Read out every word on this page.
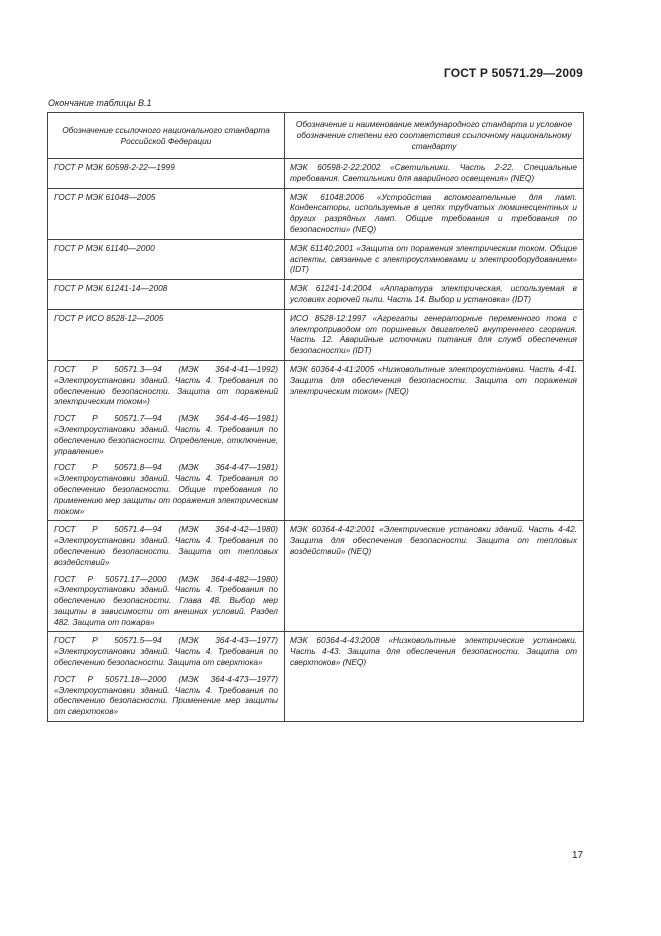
ГОСТ Р 50571.29—2009
Окончание таблицы В.1
Обозначение ссылочного национального стандарта Российской Федерации	Обозначение и наименование международного стандарта и условное обозначение степени его соответствия ссылочному национальному стандарту

ГОСТ Р МЭК 60598-2-22—1999	МЭК 60598-2-22:2002 «Светильники. Часть 2-22. Специальные требования. Светильники для аварийного освещения» (NEQ)

ГОСТ Р МЭК 61048—2005	МЭК 61048:2006 «Устройства вспомогательные для ламп. Конденсаторы, используемые в цепях трубчатых люминесцентных и других разрядных ламп. Общие требования и требования по безопасности» (NEQ)

ГОСТ Р МЭК 61140—2000	МЭК 61140:2001 «Защита от поражения электрическим током. Общие аспекты, связанные с электроустановками и электрооборудованием» (IDT)

ГОСТ Р МЭК 61241-14—2008	МЭК 61241-14:2004 «Аппаратура электрическая, используемая в условиях горючей пыли. Часть 14. Выбор и установка» (IDT)

ГОСТ Р ИСО 8528-12—2005	ИСО 8528-12:1997 «Агрегаты генераторные переменного тока с электроприводом от поршневых двигателей внутреннего сгорания. Часть 12. Аварийные источники питания для служб обеспечения безопасности» (IDT)

ГОСТ Р 50571.3—94 (МЭК 364-4-41—1992) «Электроустановки зданий. Часть 4. Требования по обеспечению безопасности. Защита от поражений электрическим током»)
ГОСТ Р 50571.7—94 (МЭК 364-4-46—1981) «Электроустановки зданий. Часть 4. Требования по обеспечению безопасности. Определение, отключение, управление»
ГОСТ Р 50571.8—94 (МЭК 364-4-47—1981) «Электроустановки зданий. Часть 4. Требования по обеспечению безопасности. Общие требования по применению мер защиты от поражения электрическим током»	МЭК 60364-4-41:2005 «Низковольтные электроустановки. Часть 4-41. Защита для обеспечения безопасности. Защита от поражения электрическим током» (NEQ)

ГОСТ Р 50571.4—94 (МЭК 364-4-42—1980) «Электроустановки зданий. Часть 4. Требования по обеспечению безопасности. Защита от тепловых воздействий»
ГОСТ Р 50571.17—2000 (МЭК 364-4-482—1980) «Электроустановки зданий. Часть 4. Требования по обеспечению безопасности. Глава 48. Выбор мер защиты в зависимости от внешних условий. Раздел 482. Защита от пожара»	МЭК 60364-4-42:2001 «Электрические установки зданий. Часть 4-42. Защита для обеспечения безопасности. Защита от тепловых воздействий» (NEQ)

ГОСТ Р 50571.5—94 (МЭК 364-4-43—1977) «Электроустановки зданий. Часть 4. Требования по обеспечению безопасности. Защита от сверхтока»
ГОСТ Р 50571.18—2000 (МЭК 364-4-473—1977) «Электроустановки зданий. Часть 4. Требования по обеспечению безопасности. Применение мер защиты от сверхтоков»	МЭК 60364-4-43:2008 «Низковольтные электрические установки. Часть 4-43. Защита для обеспечения безопасности. Защита от сверхтоков» (NEQ)
17
